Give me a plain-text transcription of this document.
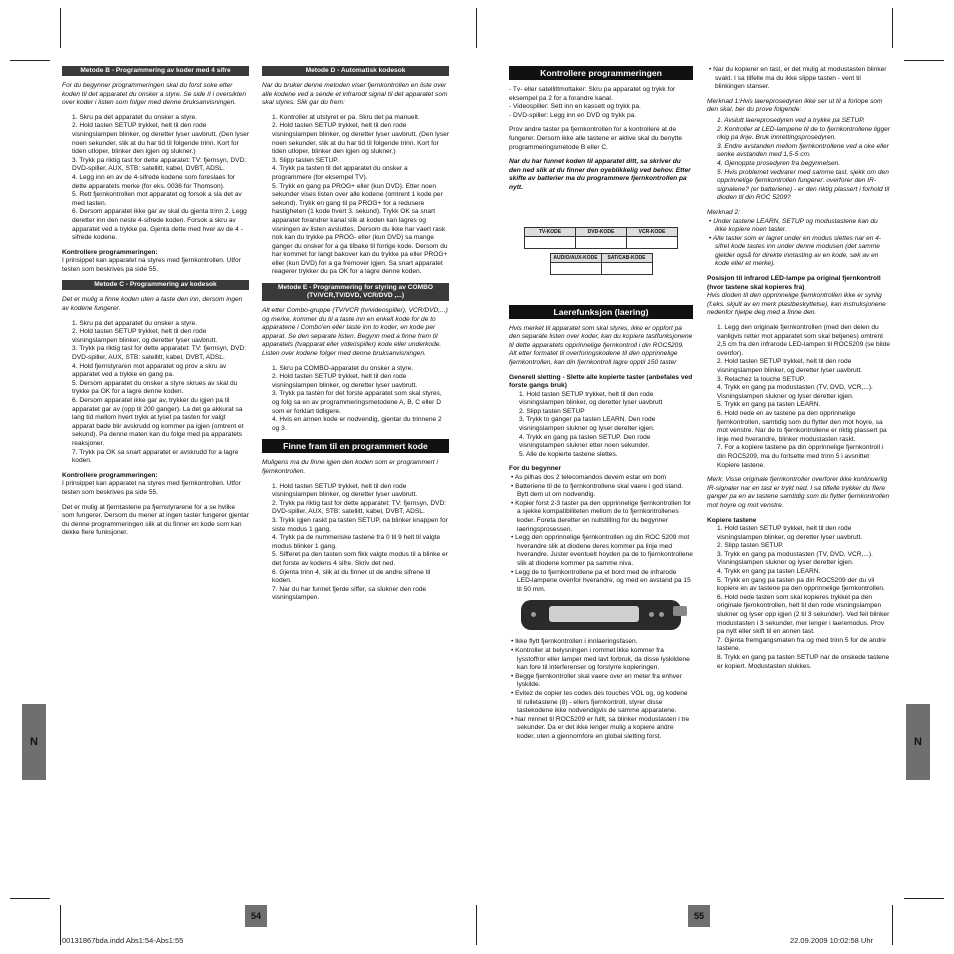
Metode B - Programmering av koder med 4 sifre

For du begynner programmeringen skal du forst soke etter koden til det apparatet du onsker a styre. Se side II i oversikten over koder i listen som folger med denne bruksanvisningen.

1. Skru pa det apparatet du onsker a styre.
2. Hold tasten SETUP trykket, helt til den rode visningslampen blinker, og deretter lyser uavbrutt. (Den lyser noen sekunder, slik at du har tid til folgende trinn. Kort for tiden utloper, blinker den igjen og slukner.)
3. Trykk pa riktig tast for dette apparatet: TV: fjernsyn, DVD: DVD-spiller, AUX, STB: satellitt, kabel, DVBT, ADSL.
4. Legg inn en av de 4-sifrede kodene som foreslaes for dette apparatets merke (for eks. 0036 for Thomson).
5. Rett fjernkontrollen mot apparatet og forsok a sla det av med tasten.
6. Dersom apparatet ikke gar av skal du gjenta trinn 2. Legg deretter inn den neste 4-sifrede koden. Forsok a skru av apparatet ved a trykke pa. Gjenta dette med hver av de 4 -sifrede kodene.

Kontrollere programmeringen:

I prinsippet kan apparatet na styres med fjernkontrollen. Utfor testen som beskrives pa side 55.

Metode C - Programmering av kodesok

Det er mulig a finne koden uten a taste den inn, dersom ingen av kodene fungerer.

1. Skru pa det apparatet du onsker a styre.
2. Hold tasten SETUP trykket, helt til den rode visningslampen blinker, og deretter lyser uavbrutt.
3. Trykk pa riktig tast for dette apparatet: TV: fjernsyn, DVD: DVD-spiller, AUX, STB: satellitt, kabel, DVBT, ADSL.
4. Hold fjernstyraren mot apparatet og prov a skru av apparatet ved a trykke en gang pa.
5. Dersom apparatet du onsker a styre skrues av skal du trykke pa OK for a lagre denne koden.
6. Dersom apparatet ikke gar av, trykker du igjen pa til apparatet gar av (opp til 200 ganger). La det ga akkurat sa lang tid mellom hvert trykk at lyset pa tasten for valgt apparat bade blir avskrudd og kommer pa igjen (omtrent et sekund). Pa denne maten kan du folge med pa apparatets reaksjoner.
7. Trykk pa OK sa snart apparatet er avskrudd for a lagre koden.

Kontrollere programmeringen:

I prinsippet kan apparatet na styres med fjernkontrollen. Utfor testen som beskrives pa side 55.

Det er mulig at fjerntastene pa fjernstyrarene for a se hvilke som fungerer. Dersom du mener at ingen taster fungerer gjentar du denne programmeringen slik at du finner en kode som kan dekke flere funksjoner.

Metode D - Automatisk kodesok

Nar du bruker denne metoden viser fjernkontrollen en liste over alle kodene ved a sende et infrarodt signal til det apparatet som skal styres. Slik gar du frem:

1. Kontroller at utstyret er pa. Skru det pa manuelt.
2. Hold tasten SETUP trykket, helt til den rode visningslampen blinker, og deretter lyser uavbrutt. (Den lyser noen sekunder, slik at du har tid til folgende trinn. Kort for tiden utloper, blinker den igjen og slukner.)
3. Slipp tasten SETUP.
4. Trykk pa tasten til det apparatet du onsker a programmere (for eksempel TV).
5. Trykk en gang pa PROG+ eller (kun DVD). Etter noen sekunder vises listen over alle kodene (omtrent 1 kode per sekund). Trykk en gang til pa PROG+ for a redusere hastigheten (1 kode hvert 3. sekund). Trykk OK sa snart apparatet forandrer kanal slik at koden kan lagres og visningen av listen avsluttes. Dersom du ikke har vaert rask nok kan du trykke pa PROG- eller (kun DVD) sa mange ganger du onsker for a ga tilbake til forrige kode. Dersom du har kommet for langt bakover kan du trykke pa eller PROG+ eller (kun DVD) for a ga fremover igjen. Sa snart apparatet reagerer trykker du pa OK for a lagre denne koden.
Metode E - Programmering for styring av COMBO (TV/VCR,TV/DVD, VCR/DVD ,...)

Alt etter Combo-gruppe (TV/VCR (tv/videospiller), VCR/DVD,...) og merke, kommer du til a taste inn en enkelt kode for de to apparatene i Combo'en eller taste inn to koder, en kode per apparat. Se den separate listen. Begynn med a finne frem til apparatets (tvapparat eller videospiller) kode eller underkode. Listen over kodene folger med denne bruksanvisningen.

1. Skru pa COMBO-apparatet du onsker a styre.
2. Hold tasten SETUP trykket, helt til den rode visningslampen blinker, og deretter lyser uavbrutt.
3. Trykk pa tasten for det forste apparatet som skal styres, og folg sa en av programmeringsmetodene A, B, C eller D som er forklart tidligere.
4. Hvis en annen kode er nodvendig, gjentar du trinnene 2 og 3.
Finne fram til en programmert kode

Muligens ma du finne igjen den koden som er programmert i fjernkontrollen.

1. Hold tasten SETUP trykket, helt til den rode visningslampen blinker, og deretter lyser uavbrutt.
2. Trykk pa riktig tast for dette apparatet: TV: fjernsyn, DVD: DVD-spiller, AUX, STB: satellitt, kabel, DVBT, ADSL.
3. Trykk igjen raskt pa tasten SETUP, na blinker knappen for siste modus 1 gang.
4. Trykk pa de nummeriske tastene fra 0 til 9 helt til valgte modus blinker 1 gang.
5. Sifferet pa den tasten som fikk valgte modus til a blinke er det forste av kodens 4 sifre. Skriv det ned.
6. Gjenta trinn 4, slik at du finner ut de andre sifrene til koden.
7. Nar du har funnet fjerde siffer, sa slukner den rode visningslampen.
Kontrollere programmeringen
- Tv- eller satellittmottaker: Skru pa apparatet og trykk for eksempel pa 2 for a forandre kanal.
- Videospiller: Sett inn en kassett og trykk pa.
- DVD-spiller: Legg inn en DVD og trykk pa.

Prov andre taster pa fjernkontrollen for a kontrollere at de fungerer. Dersom ikke alle tastene er aktive skal du benytte programmeringsmetode B eller C.

Nar du har funnet koden til apparatet ditt, sa skriver du den ned slik at du finner den oyeblikkelig ved behov. Etter skifte av batterier ma du programmere fjernkontrollen pa nytt.

TV-KODE	DVD-KODE	VCR-KODE
AUDIO/AUX-KODE	SAT/CAB-KODE
Laerefunksjon (laering)

Hvis merket til apparatet som skal styres, ikke er oppfort pa den separate listen over koder, kan du kopiere tastfunksjonene til dette apparatets opprinnelige fjernkontroll i din ROC5209. Alt etter formatet til overforingskodene til den opprinnelige fjernkontrollen, kan din fjernkontroll lagre opptil 150 taster

Generell sletting - Slette alle kopierte taster (anbefales ved forste gangs bruk)

1. Hold tasten SETUP trykket, helt til den rode visningslampen blinker, og deretter lyser uavbrutt
2. Slipp tasten SETUP
3. Trykk to ganger pa tasten LEARN. Den rode visningslampen slukner og lyser deretter igjen.
4. Trykk en gang pa tasten SETUP. Den rode visningslampen slukner etter noen sekunder.
5. Alle de kopierte tastene slettes.

For du begynner

• As pilhas dos 2 telecomandos devem estar em bom
• Batteriene til de to fjernkontrollene skal vaere i god stand. Bytt dem ut om nodvendig.
• Kopier forst 2-3 taster pa den opprinnelige fjernkontrollen for a sjekke kompatibiliteten mellom de to fjernkontrollenes koder. Foreta deretter en nullstilling for du begynner laeringsprosessen.
• Legg den opprinnelige fjernkontrollen og din ROC 5209 mot hverandre slik at diodene deres kommer pa linje med hverandre. Juster eventuelt hoyden pa de to fjernkontrollene slik at diodene kommer pa samme niva.
• Legg de to fjernkontrollene pa et bord med de infrarode LED-lampene ovenfor hverandre, og med en avstand pa 15 til 50 mm.
• Ikke flytt fjernkontrollen i innlaeringsfasen.
• Kontroller at belysningen i rommet ikke kommer fra lysstoffror eller lamper med lavt forbruk, da disse lyskildene kan fore til interferenser og forstyrre kopieringen.
• Begge fjernkontroller skal vaere over en meter fra enhver lyskilde.
• Evitez de copier les codes des touches VOL og, og kodene til rulletastene (8) - ellers fjernkontroll, styrer disse tastekodene ikke nodvendigvis de samme apparatene.
• Nar minnet til ROC5209 er fullt, sa blinker modustasten i tre sekunder. Da er det ikke lenger mulig a kopiere andre koder, uten a gjennomfore en global sletting forst.
• Nar du kopierer en tast, er det mulig at modustasten blinker svakt. I sa tilfelle ma du ikke slippe tasten - vent til blinkingen stanser.

Merknad 1:Hvis laereprosedyren ikke ser ut til a forlope som den skal, ber du prove folgende:

1. Avslutt laereprosedyren ved a trykke pa SETUP.
2. Kontroller at LED-lampene til de to fjernkontrollene ligger rikig pa linje. Bruk innrettingsprosedyren.
3. Endre avstanden mellom fjernkontrollene ved a oke eller senke avstanden med 1,5-5 cm.
4. Gjenoppta prosedyren fra begynnelsen.
5. Hvis problemet vedvarer med samme tast, sjekk om den opprinnelige fjernkontrollen fungerer: overforer den IR-signalene? (er batteriene) - er den riktig plassert i forhold til dioden til din ROC 5209?

Merknad 2:

• Under tastene LEARN, SETUP og modustastene kan du ikke kopiere noen taster.
• Alle taster som er lagret under en modus slettes nar en 4-sifret kode tastes inn under denne modusen (det samme gjelder også for direkte inntasting av en kode, søk av en kode eller et merke).

Posisjon til infrarod LED-lampe pa original fjernkontroll (hvor tastene skal kopieres fra)

Hvis dioden til den opprinnelige fjernkontrollen ikke er synlig (f.eks. skjult av en merk plastbeskyttelse), kan instruksjonene nedenfor hjelpe deg med a finne den.

1. Legg den originale fjernkontrollen (med den delen du vanligvis retter mot apparatet som skal betjenes) omtrent 2,5 cm fra den infrarode LED-lampen til ROC5209 (se bilde ovenfor).
2. Hold tasten SETUP trykket, helt til den rode visningslampen blinker, og deretter lyser uavbrutt.
3. Relachez la touche SETUP.
4. Trykk en gang pa modustasten (TV, DVD, VCR,...). Visningslampen slukner og lyser deretter igjen.
5. Trykk en gang pa tasten LEARN.
6. Hold nede en av tastene pa den opprinnelige fjernkontrollen, samtidig som du flytter den mot hoyre, sa mot venstre. Nar de to fjernkontrollene er riktig plassert pa linje med hverandre, blinker modustasten raskt.
7. For a kopiere tastene pa din opprinnelige fjernkontroll i din ROC5209, ma du fortsette med trinn 5 i avsnittet Kopiere tastene.

Merk: Visse originale fjernkontroller overforer ikke kontinuerlig IR-signaler nar en tast er trykt ned. I sa tilfelle trykker du flere ganger pa en av tastene samtidig som du flytter fjernkontrollen mot hoyre og mot venstre.

Kopiere tastene

1. Hold tasten SETUP trykket, helt til den rode visningslampen blinker, og deretter lyser uavbrutt.
2. Slipp tasten SETUP.
3. Trykk en gang pa modustasten (TV, DVD, VCR,...). Visningslampen slukner og lyser deretter igjen.
4. Trykk en gang pa tasten LEARN.
5. Trykk en gang pa tasten pa din ROC5209 der du vil kopiere en av tastene pa den opprinnelige fjernkontrollen.
6. Hold nede tasten som skal kopieres trykket pa den originale fjernkontrollen, helt til den rode visningslampen slukner og lyser opp igjen (2 til 3 sekunder). Ved feil blinker modustasten i 3 sekunder, mer lenger i laeremodus. Prov pa nytt eller skift til en annen tast.
7. Gjenta fremgangsmaten fra og med trinn 5 for de andre tastene.
8. Trykk en gang pa tasten SETUP nar de onskede tastene er kopiert. Modustasten slukkes.
N	N
54	55
00131867bda.indd Abs1:54-Abs1:55	22.09.2009 10:02:58 Uhr
